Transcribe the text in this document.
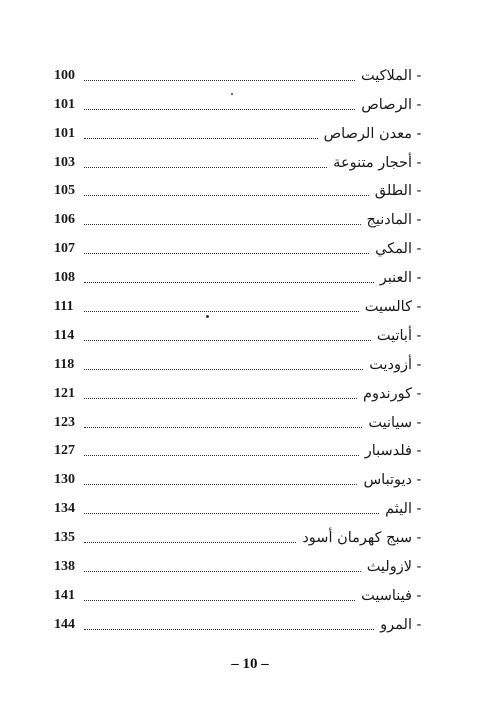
-
الملاكيت
100
-
الرصاص
101
-
معدن الرصاص
101
-
أحجار متنوعة
103
-
الطلق
105
-
المادنيج
106
-
المكي
107
-
العنبر
108
-
كالسيت
111
-
أباتيت
114
-
أزوديت
118
-
كورندوم
121
-
سيانيت
123
-
فلدسبار
127
-
ديوتباس
130
-
اليثم
134
-
سبج كهرمان أسود
135
-
لازوليث
138
-
فيناسيت
141
-
المرو
144
– 10 –
